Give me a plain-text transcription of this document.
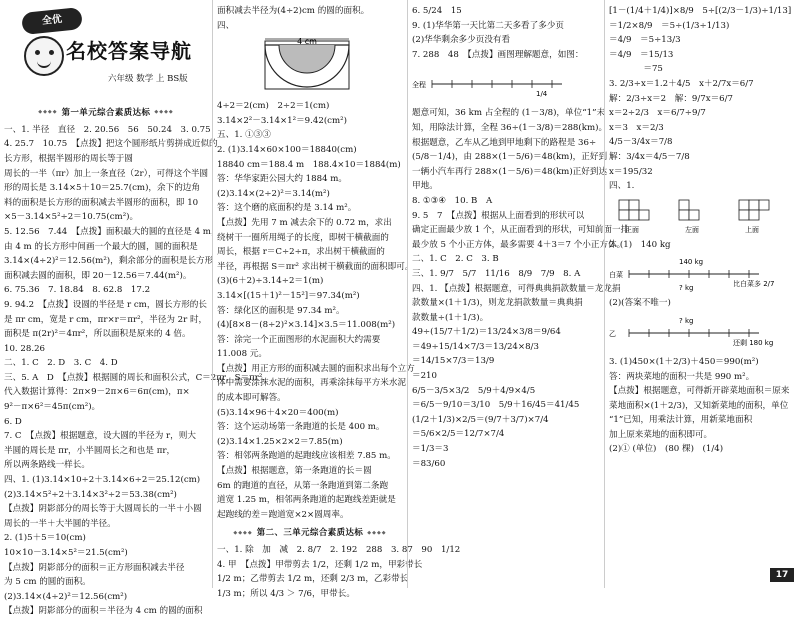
全优
名校答案导航
六年级 数学 上 BS版
◆◆◆◆ 第一单元综合素质达标 ◆◆◆◆
一、1. 半径　直径　2. 20.56　56　50.24　3. 0.75
4. 25.7　10.75　【点拨】把这个圆形纸片剪拼成近似的
长方形，根据半圆形的周长等于圆
周长的一半（πr）加上一条直径（2r），可得这个半圆
形的周长是 3.14×5＋10＝25.7(cm)，余下的边角
料的面积是长方形的面积减去半圆形的面积，即 10
×5－3.14×5²÷2＝10.75(cm²)。
5. 12.56　7.44　【点拨】面积最大的圆的直径是 4 m，
由 4 m 的长方形中间画一个最大的圆，圆的面积是
3.14×(4÷2)²＝12.56(m²)，剩余部分的面积是长方形
面积减去圆的面积，即 20－12.56＝7.44(m²)。
6. 75.36　7. 18.84　8. 62.8　17.2
9. 94.2　【点拨】设圆的半径是 r cm，圆长方形的长
是 πr cm，宽是 r cm，πr×r＝πr²，半径为 2r 时，
面积是 π(2r)²＝4πr²，所以面积是原来的 4 倍。
10. 28.26
二、1. C　2. D　3. C　4. D
三、5. A　D　【点拨】根据圆的周长和面积公式，C＝2πr，S＝πr²，
代入数据计算得：2π×9－2π×6＝6π(cm)，π×
9²－π×6²＝45π(cm²)。
6. D
7. C　【点拨】根据题意，设大圆的半径为 r，则大
半圆的周长是 πr，小半圆周长之和也是 πr，
所以两条路线一样长。
四、1. (1)3.14×10÷2＋3.14×6÷2＝25.12(cm)
(2)3.14×5²÷2＋3.14×3²÷2＝53.38(cm²)
【点拨】阴影部分的周长等于大圆周长的一半＋小圆
周长的一半＋大半圆的半径。
2. (1)5＋5＝10(cm)
10×10－3.14×5²＝21.5(cm²)
【点拨】阴影部分的面积＝正方形面积减去半径
为 5 cm 的圆的面积。
(2)3.14×(4÷2)²＝12.56(cm²)
【点拨】阴影部分的面积＝半径为 4 cm 的圆的面积
面积减去半径为(4÷2)cm 的圆的面积。
四、
4 cm
4÷2＝2(cm)　2÷2＝1(cm)
3.14×2²－3.14×1²＝9.42(cm²)
五、1. ①③③
2. (1)3.14×60×100＝18840(cm)
18840 cm＝188.4 m　188.4×10＝1884(m)
答：华华家距公园大约 1884 m。
(2)3.14×(2÷2)²＝3.14(m²)
答：这个磨的底面积约是 3.14 m²。
【点拨】先用 7 m 减去余下的 0.72 m，求出
绕树干一圈所用绳子的长度，即树干横截面的
周长，根据 r＝C÷2÷π，求出树干横截面的
半径，再根据 S＝πr² 求出树干横截面的面积即可。
(3)(6＋2)÷3.14÷2＝1(m)
3.14×[(15＋1)²－15²]＝97.34(m²)
答：绿化区的面积是 97.34 m²。
(4)[8×8－(8÷2)²×3.14]×3.5＝11.008(m²)
答：涂完一个正面图形的水泥面积大约需要
11.008 元。
【点拨】用正方形的面积减去圆的面积求出每个立方
体中需要涂抹水泥的面积，再乘涂抹每平方米水泥
的成本即可解答。
(5)3.14×96＋4×20＝400(m)
答：这个运动场第一条跑道的长是 400 m。
(2)3.14×1.25×2×2＝7.85(m)
答：相邻两条跑道的起跑线应该相差 7.85 m。
【点拨】根据题意，第一条跑道的长＝圆
6m 的跑道的直径，从第一条跑道到第二条跑
道宽 1.25 m，相邻两条跑道的起跑线差距就是
起跑线的差＝跑道宽×2×圆周率。
◆◆◆◆ 第二、三单元综合素质达标 ◆◆◆◆
一、1. 除　加　减　2. 8/7　2. 192　288　3. 87　90　1/12
4. 甲　【点拨】甲带剪去 1/2，还剩 1/2 m，甲彩带长
1/2 m；乙带剪去 1/2 m，还剩 2/3 m，乙彩带长
1/3 m；所以 4/3 ＞ 7/6，甲带长。
6. 5/24　15
9. (1)华华第一天比第二天多看了多少页
(2)华华剩余多少页没有看
7. 288　48　【点拨】画图理解题意，如图：
全程
1/4
题意可知，36 km 占全程的 (1－3/8)，单位“1”未
知，用除法计算，全程 36÷(1－3/8)＝288(km)。
根据题意，乙车从乙地到甲地剩下的路程是 36÷
(5/8－1/4)，由 288×(1－5/6)＝48(km)，正好到
一辆小汽车再行 288×(1－5/6)＝48(km)正好到达
甲地。
8. ①③④　10. B　A
9. 5　7　【点拨】根据从上面看到的形状可以
确定正面最少放 1 个，从正面看到的形状，可知前面一排
最少放 5 个小正方体，最多需要 4＋3＝7 个小正方体。
二、1. C　2. C　3. B
三、1. 9/7　5/7　11/16　8/9　7/9　8. A
四、1. 【点拨】根据题意，可得典典捐款数量＝龙龙捐
款数量×(1＋1/3)，则龙龙捐款数量＝典典捐
款数量÷(1＋1/3)。
49÷(15/7＋1/2)＝13/24×3/8＝9/64
＝49÷15/14×7/3＝13/24×8/3
＝14/15×7/3＝13/9
＝210
6/5－3/5×3/2　5/9＋4/9×4/5
＝6/5－9/10＝3/10　5/9＋16/45＝41/45
(1/2＋1/3)×2/5＝(9/7＋3/7)×7/4
＝5/6×2/5＝12/7×7/4
＝1/3＝3
＝83/60
[1－(1/4＋1/4)]×8/9　5÷[(2/3－1/3)÷1/13]
＝1/2×8/9　＝5÷(1/3÷1/13)
＝4/9　＝5÷13/3
＝4/9　＝15/13
　　　　＝75
3. 2/3÷x＝1.2＋4/5　x＋2/7x＝6/7
解：2/3÷x＝2　解：9/7x＝6/7
x＝2÷2/3　x＝6/7÷9/7
x＝3　x＝2/3
4/5－3/4x＝7/8
解：3/4x＝4/5－7/8
x＝195/32
四、1.
正面	左面	上面
2. (1)　140 kg
140 kg
白菜
比白菜多 2/7
? kg
(2)(答案不唯一)
? kg
乙
还剩 180 kg
3. (1)450×(1＋2/3)＋450＝990(m²)
答：两块菜地的面积一共是 990 m²。
【点拨】根据题意，可得新开辟菜地面积＝原来
菜地面积×(1＋2/3)，又知新菜地的面积，单位
“1”已知，用乘法计算，用新菜地面积
加上原来菜地的面积即可。
(2)① (单位)　(80 棵)　(1/4)
17
